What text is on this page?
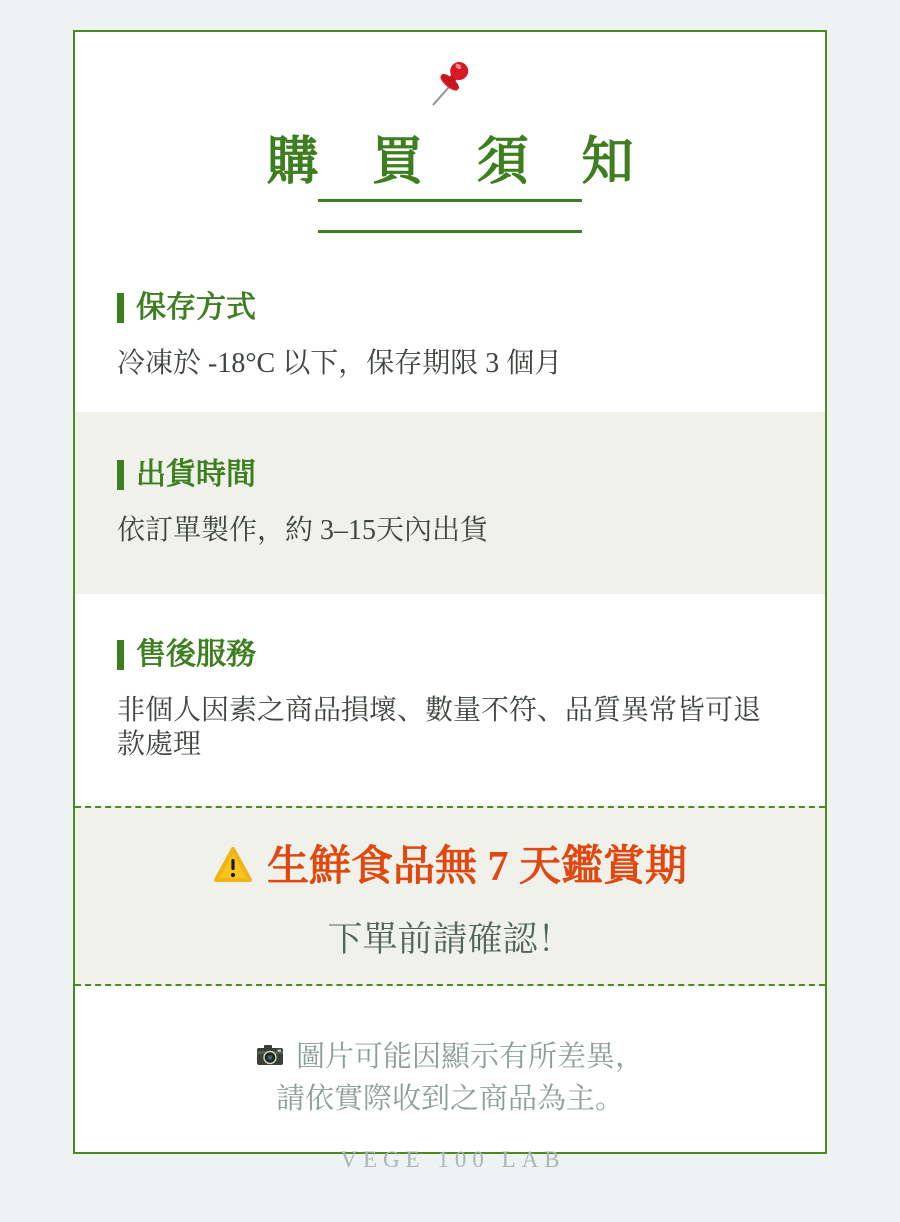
購 買 須 知
保存方式
冷凍於 -18°C 以下，保存期限 3 個月
出貨時間
依訂單製作，約 3–15天內出貨
售後服務
非個人因素之商品損壞、數量不符、品質異常皆可退款處理
生鮮食品無 7 天鑑賞期
下單前請確認！
圖片可能因顯示有所差異，
請依實際收到之商品為主。
VEGE 100 LAB
